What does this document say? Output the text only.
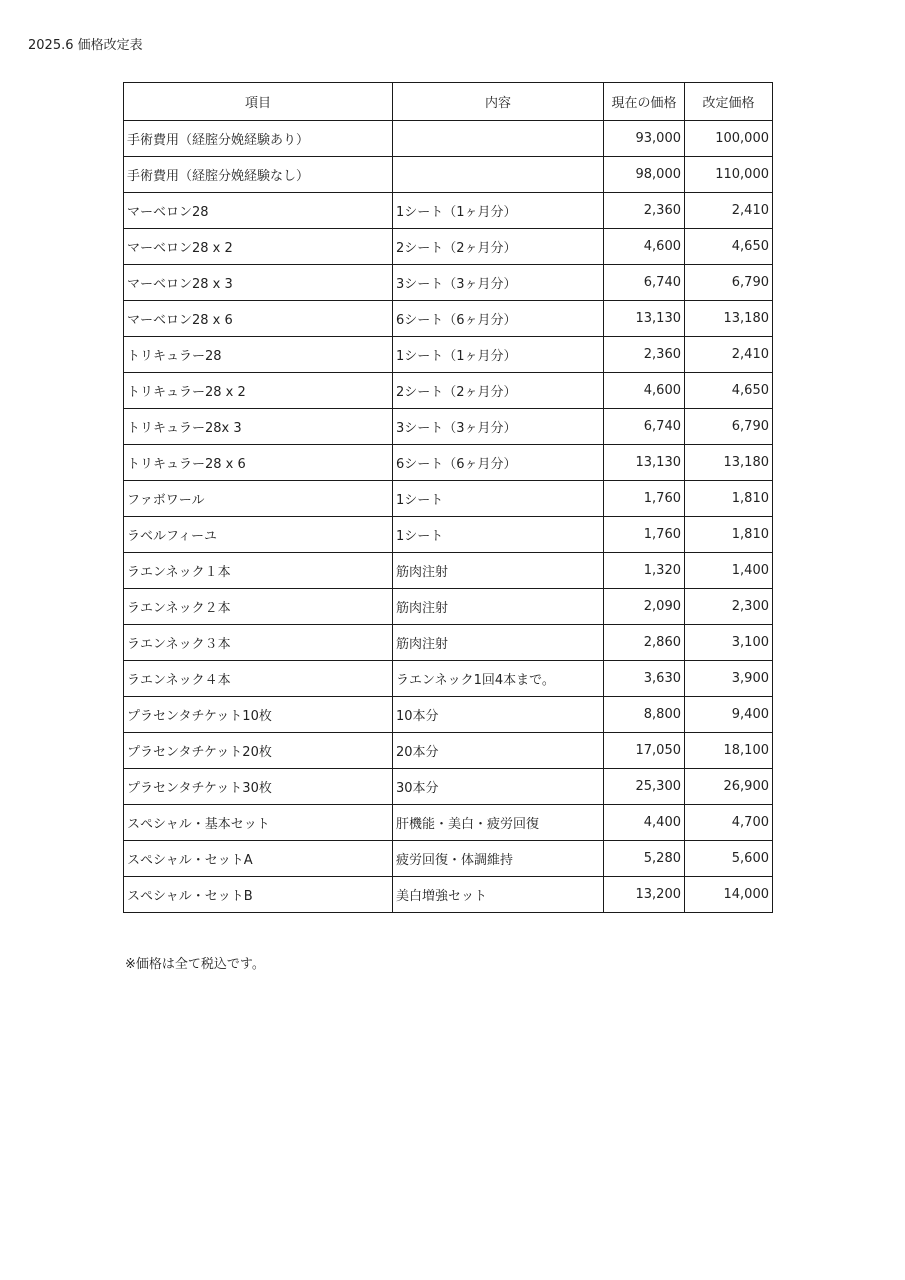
2025.6 価格改定表
項目	内容	現在の価格	改定価格
手術費用（経腟分娩経験あり）		93,000	100,000
手術費用（経腟分娩経験なし）		98,000	110,000
マーベロン28	1シート（1ヶ月分）	2,360	2,410
マーベロン28 x 2	2シート（2ヶ月分）	4,600	4,650
マーベロン28 x 3	3シート（3ヶ月分）	6,740	6,790
マーベロン28 x 6	6シート（6ヶ月分）	13,130	13,180
トリキュラー28	1シート（1ヶ月分）	2,360	2,410
トリキュラー28 x 2	2シート（2ヶ月分）	4,600	4,650
トリキュラー28x 3	3シート（3ヶ月分）	6,740	6,790
トリキュラー28 x 6	6シート（6ヶ月分）	13,130	13,180
ファボワール	1シート	1,760	1,810
ラベルフィーユ	1シート	1,760	1,810
ラエンネック１本	筋肉注射	1,320	1,400
ラエンネック２本	筋肉注射	2,090	2,300
ラエンネック３本	筋肉注射	2,860	3,100
ラエンネック４本	ラエンネック1回4本まで。	3,630	3,900
プラセンタチケット10枚	10本分	8,800	9,400
プラセンタチケット20枚	20本分	17,050	18,100
プラセンタチケット30枚	30本分	25,300	26,900
スペシャル・基本セット	肝機能・美白・疲労回復	4,400	4,700
スペシャル・セットA	疲労回復・体調維持	5,280	5,600
スペシャル・セットB	美白増強セット	13,200	14,000
※価格は全て税込です。
